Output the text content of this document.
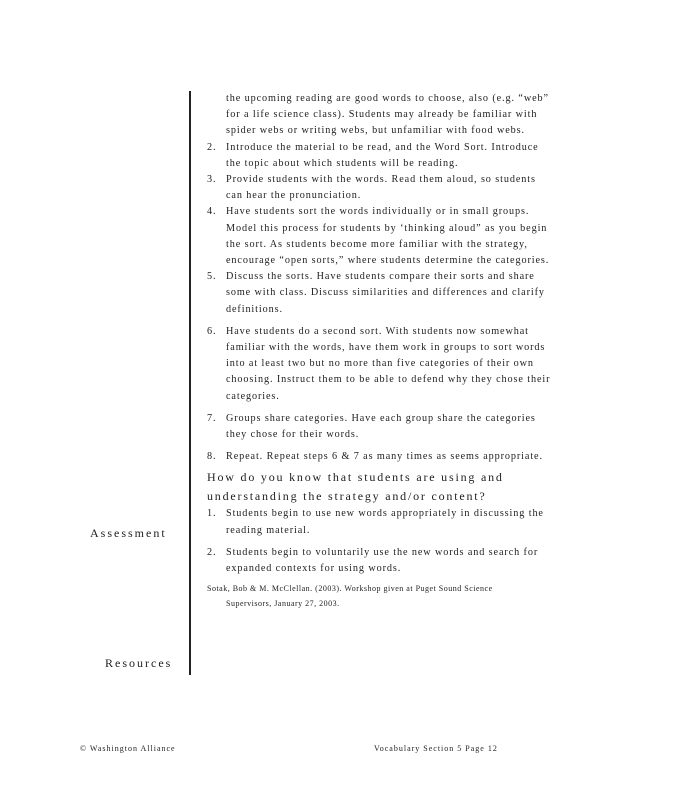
Assessment
Resources
the upcoming reading are good words to choose, also (e.g. “web” for a life science class). Students may already be familiar with spider webs or writing webs, but unfamiliar with food webs.
2. Introduce the material to be read, and the Word Sort. Introduce the topic about which students will be reading.
3. Provide students with the words. Read them aloud, so students can hear the pronunciation.
4. Have students sort the words individually or in small groups. Model this process for students by ‘thinking aloud” as you begin the sort. As students become more familiar with the strategy, encourage “open sorts,” where students determine the categories.
5. Discuss the sorts. Have students compare their sorts and share some with class. Discuss similarities and differences and clarify definitions.
6. Have students do a second sort. With students now somewhat familiar with the words, have them work in groups to sort words into at least two but no more than five categories of their own choosing. Instruct them to be able to defend why they chose their categories.
7. Groups share categories. Have each group share the categories they chose for their words.
8. Repeat. Repeat steps 6 & 7 as many times as seems appropriate.
How do you know that students are using and understanding the strategy and/or content?
1. Students begin to use new words appropriately in discussing the reading material.
2. Students begin to voluntarily use the new words and search for expanded contexts for using words.
Sotak, Bob & M. McClellan. (2003). Workshop given at Puget Sound Science
Supervisors, January 27, 2003.
© Washington Alliance	Vocabulary Section 5 Page 12
